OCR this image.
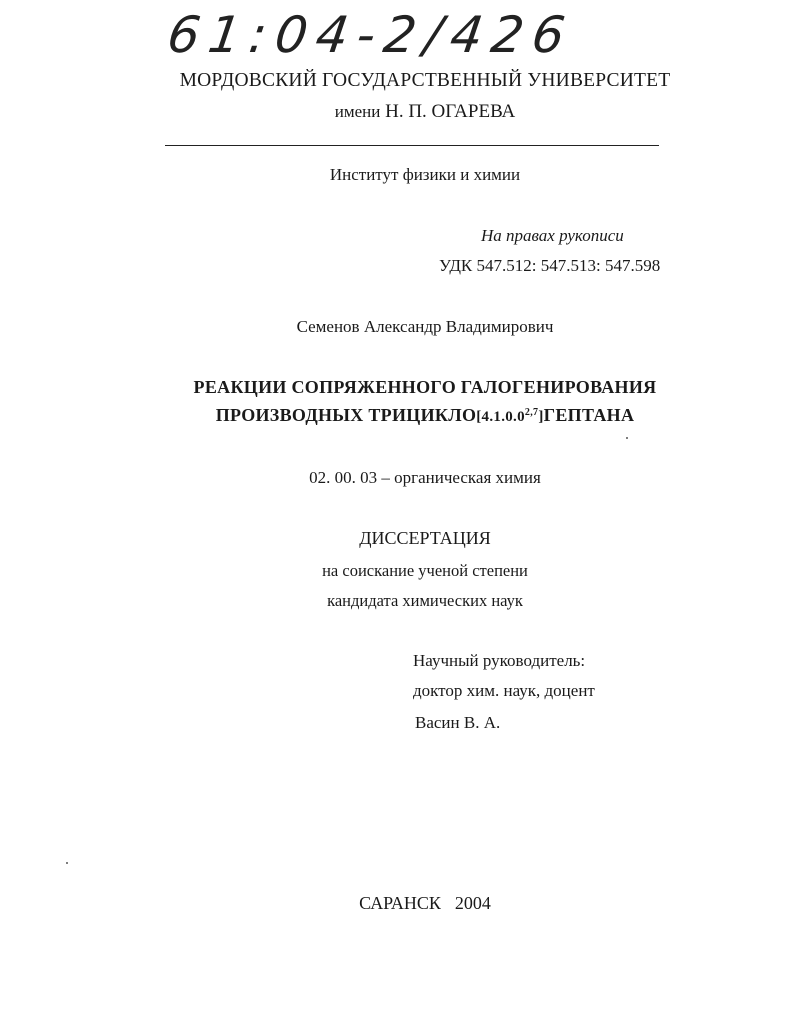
61:04-2/426
МОРДОВСКИЙ ГОСУДАРСТВЕННЫЙ УНИВЕРСИТЕТ
имени Н. П. ОГАРЕВА
Институт физики и химии
На правах рукописи
УДК 547.512: 547.513: 547.598
Семенов Александр Владимирович
РЕАКЦИИ СОПРЯЖЕННОГО ГАЛОГЕНИРОВАНИЯ
ПРОИЗВОДНЫХ ТРИЦИКЛО[4.1.0.0$^{2,7}$]ГЕПТАНА
02. 00. 03 – органическая химия
ДИССЕРТАЦИЯ
на соискание ученой степени
кандидата химических наук
Научный руководитель:
доктор хим. наук, доцент
Васин В. А.
САРАНСК 2004
